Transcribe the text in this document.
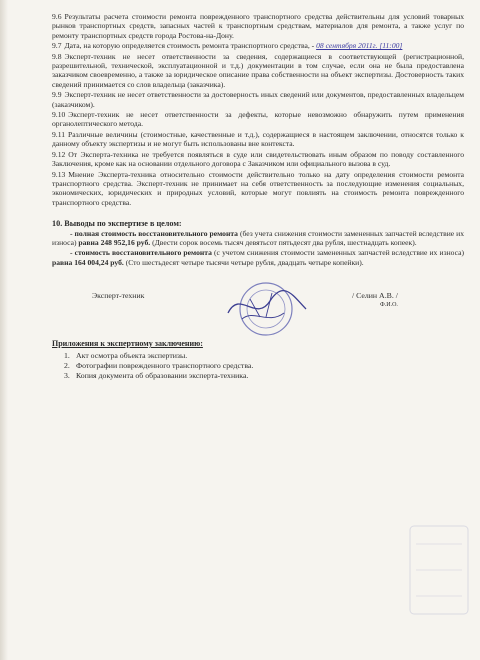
9.6 Результаты расчета стоимости ремонта поврежденного транспортного средства действительны для условий товарных рынков транспортных средств, запасных частей к транспортным средствам, материалов для ремонта, а также услуг по ремонту транспортных средств города Ростова-на-Дону.

9.7 Дата, на которую определяется стоимость ремонта транспортного средства, - 08 сентября 2011г. [11:00]

9.8 Эксперт-техник не несет ответственности за сведения, содержащиеся в соответствующей (регистрационной, разрешительной, технической, эксплуатационной и т.д.) документации в том случае, если она не была предоставлена заказчиком своевременно, а также за юридическое описание права собственности на объект экспертизы. Достоверность таких сведений принимается со слов владельца (заказчика).

9.9 Эксперт-техник не несет ответственности за достоверность иных сведений или документов, предоставленных владельцем (заказчиком).

9.10 Эксперт-техник не несет ответственности за дефекты, которые невозможно обнаружить путем применения органолептического метода.

9.11 Различные величины (стоимостные, качественные и т.д.), содержащиеся в настоящем заключении, относятся только к данному объекту экспертизы и не могут быть использованы вне контекста.

9.12 От Эксперта-техника не требуется появляться в суде или свидетельствовать иным образом по поводу составленного Заключения, кроме как на основании отдельного договора с Заказчиком или официального вызова в суд.

9.13 Мнение Эксперта-техника относительно стоимости действительно только на дату определения стоимости ремонта транспортного средства. Эксперт-техник не принимает на себя ответственность за последующие изменения социальных, экономических, юридических и природных условий, которые могут повлиять на стоимость ремонта поврежденного транспортного средства.

10. Выводы по экспертизе в целом:

- полная стоимость восстановительного ремонта (без учета снижения стоимости замененных запчастей вследствие их износа) равна 248 952,16 руб. (Двести сорок восемь тысяч девятьсот пятьдесят два рубля, шестнадцать копеек).

- стоимость восстановительного ремонта (с учетом снижения стоимости замененных запчастей вследствие их износа) равна 164 004,24 руб. (Сто шестьдесят четыре тысячи четыре рубля, двадцать четыре копейки).

Эксперт-техник	/ Селин А.В. /
Ф.И.О.
Приложения к экспертному заключению:
1. Акт осмотра объекта экспертизы.
2. Фотографии поврежденного транспортного средства.
3. Копия документа об образовании эксперта-техника.
